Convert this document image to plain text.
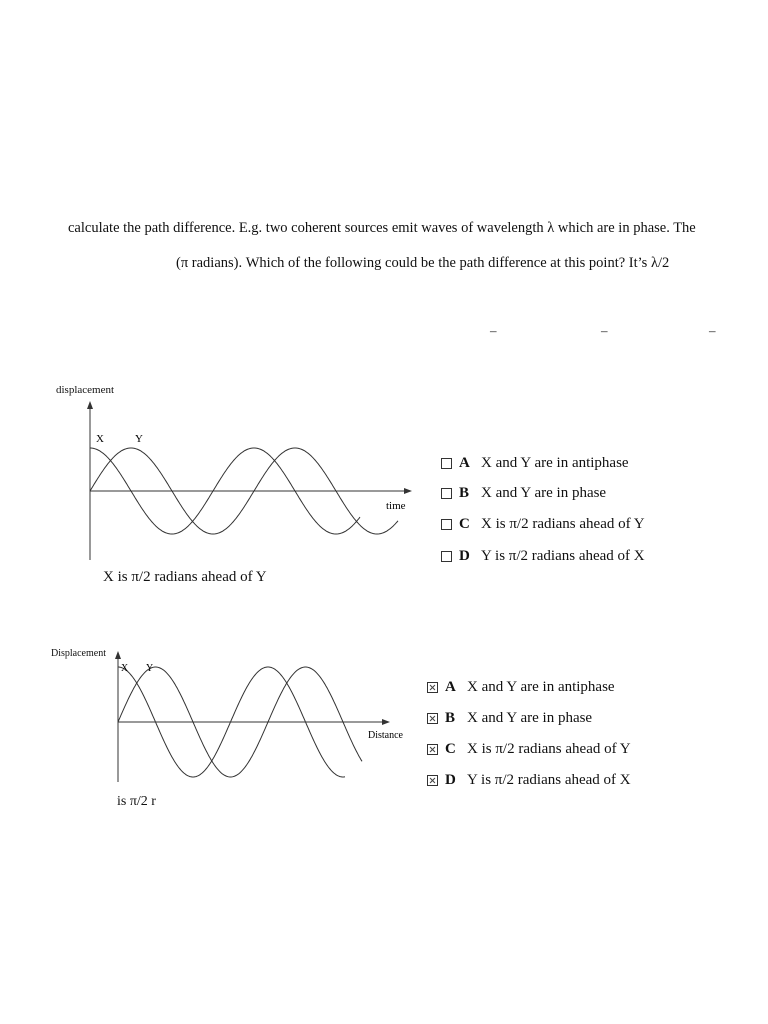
calculate the path difference. E.g. two coherent sources emit waves of wavelength λ which are in phase. The
(π radians). Which of the following could be the path difference at this point? It’s λ/2
–	–	–
displacement
X	Y
time
X is π/2 radians ahead of Y
A X and Y are in antiphase
B X and Y are in phase
C X is π/2 radians ahead of Y
D Y is π/2 radians ahead of X
Displacement
X Y
Distance
is π/2 r
A X and Y are in antiphase
B X and Y are in phase
C X is π/2 radians ahead of Y
D Y is π/2 radians ahead of X
